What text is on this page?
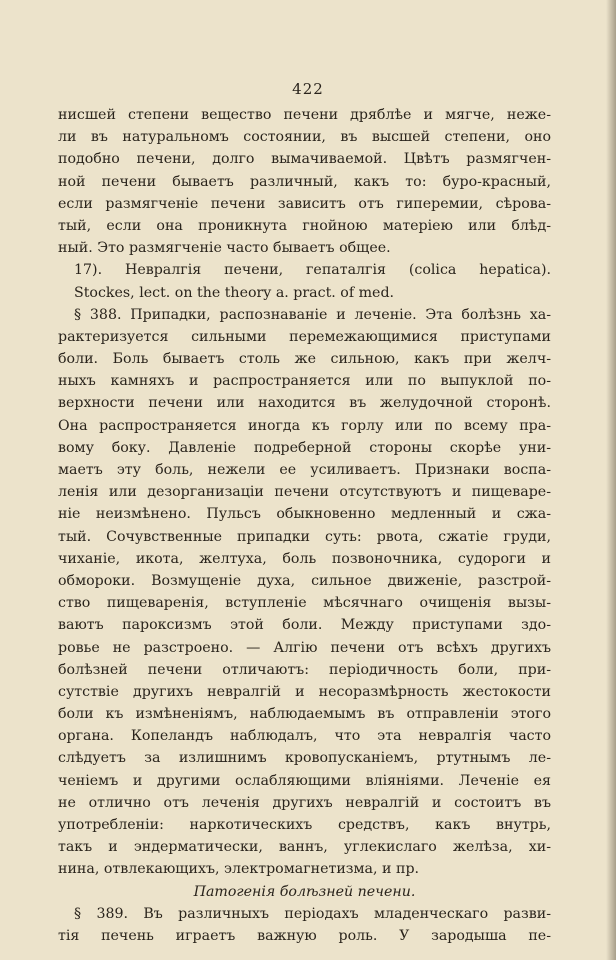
422
нисшей степени вещество печени дряблѣе и мягче, неже-
ли въ натуральномъ состоянии, въ высшей степени, оно
подобно печени, долго вымачиваемой. Цвѣтъ размягчен-
ной печени бываетъ различный, какъ то: буро-красный,
если размягченіе печени зависитъ отъ гиперемии, сѣрова-
тый, если она проникнута гнойною матеріею или блѣд-
ный. Это размягченіе часто бываетъ общее.
17). Невралгія печени, гепаталгія (colica hepatica).
Stockes, lect. on the theory a. pract. of med.
§ 388. Припадки, распознаваніе и леченіе. Эта болѣзнь ха-
рактеризуется сильными перемежающимися приступами
боли. Боль бываетъ столь же сильною, какъ при желч-
ныхъ камняхъ и распространяется или по выпуклой по-
верхности печени или находится въ желудочной сторонѣ.
Она распространяется иногда къ горлу или по всему пра-
вому боку. Давленіе подреберной стороны скорѣе уни-
маетъ эту боль, нежели ее усиливаетъ. Признаки воспа-
ленія или дезорганизаціи печени отсутствуютъ и пищеваре-
ніе неизмѣнено. Пульсъ обыкновенно медленный и сжа-
тый. Сочувственные припадки суть: рвота, сжатіе груди,
чиханіе, икота, желтуха, боль позвоночника, судороги и
обмороки. Возмущеніе духа, сильное движеніе, разстрой-
ство пищеваренія, вступленіе мѣсячнаго очищенія вызы-
ваютъ пароксизмъ этой боли. Между приступами здо-
ровье не разстроено. — Алгію печени отъ всѣхъ другихъ
болѣзней печени отличаютъ: періодичность боли, при-
сутствіе другихъ невралгій и несоразмѣрность жестокости
боли къ измѣненіямъ, наблюдаемымъ въ отправленіи этого
органа. Копеландъ наблюдалъ, что эта невралгія часто
слѣдуетъ за излишнимъ кровопусканіемъ, ртутнымъ ле-
ченіемъ и другими ослабляющими вліяніями. Леченіе ея
не отлично отъ леченія другихъ невралгій и состоитъ въ
употребленіи: наркотическихъ средствъ, какъ внутрь,
такъ и эндерматически, ваннъ, углекислаго желѣза, хи-
нина, отвлекающихъ, электромагнетизма, и пр.
Патогенія болѣзней печени.
§ 389. Въ различныхъ періодахъ младенческаго разви-
тія печень играетъ важную роль. У зародыша пе-
